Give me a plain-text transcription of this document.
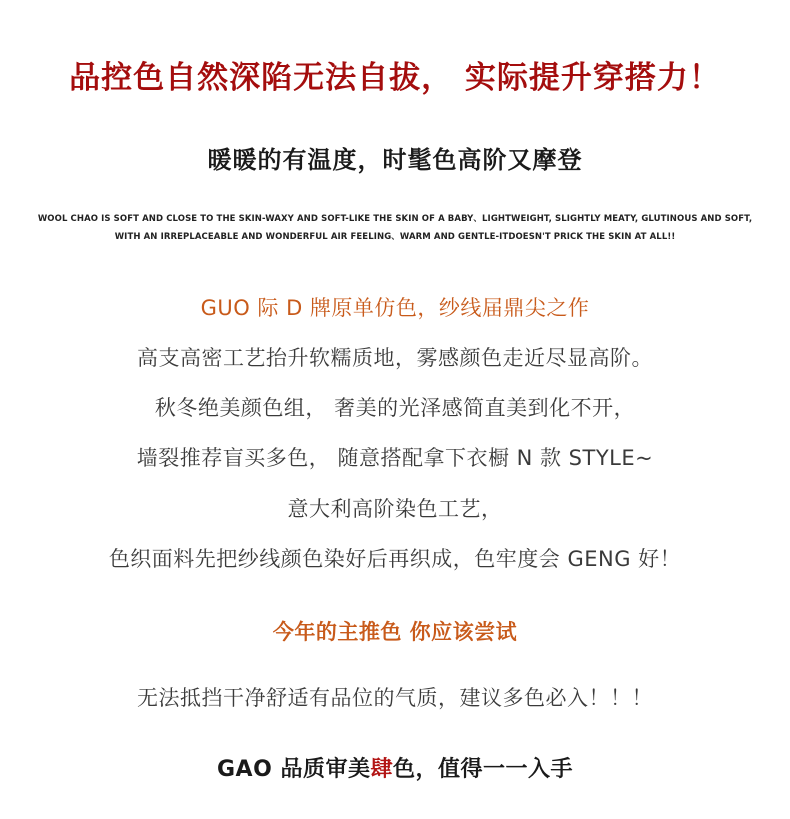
品控色自然深陷无法自拔， 实际提升穿搭力！
暖暖的有温度，时髦色高阶又摩登
WOOL CHAO IS SOFT AND CLOSE TO THE SKIN-WAXY AND SOFT-LIKE THE SKIN OF A BABY、LIGHTWEIGHT, SLIGHTLY MEATY, GLUTINOUS AND SOFT,
WITH AN IRREPLACEABLE AND WONDERFUL AIR FEELING、WARM AND GENTLE-ITDOESN'T PRICK THE SKIN AT ALL!!
GUO 际 D 牌原单仿色，纱线届鼎尖之作
高支高密工艺抬升软糯质地，雾感颜色走近尽显高阶。
秋冬绝美颜色组， 奢美的光泽感简直美到化不开，
墙裂推荐盲买多色， 随意搭配拿下衣橱 N 款 STYLE~
意大利高阶染色工艺，
色织面料先把纱线颜色染好后再织成，色牢度会 GENG 好！
今年的主推色 你应该尝试
无法抵挡干净舒适有品位的气质，建议多色必入！！！
GAO 品质审美肆色，值得一一入手
